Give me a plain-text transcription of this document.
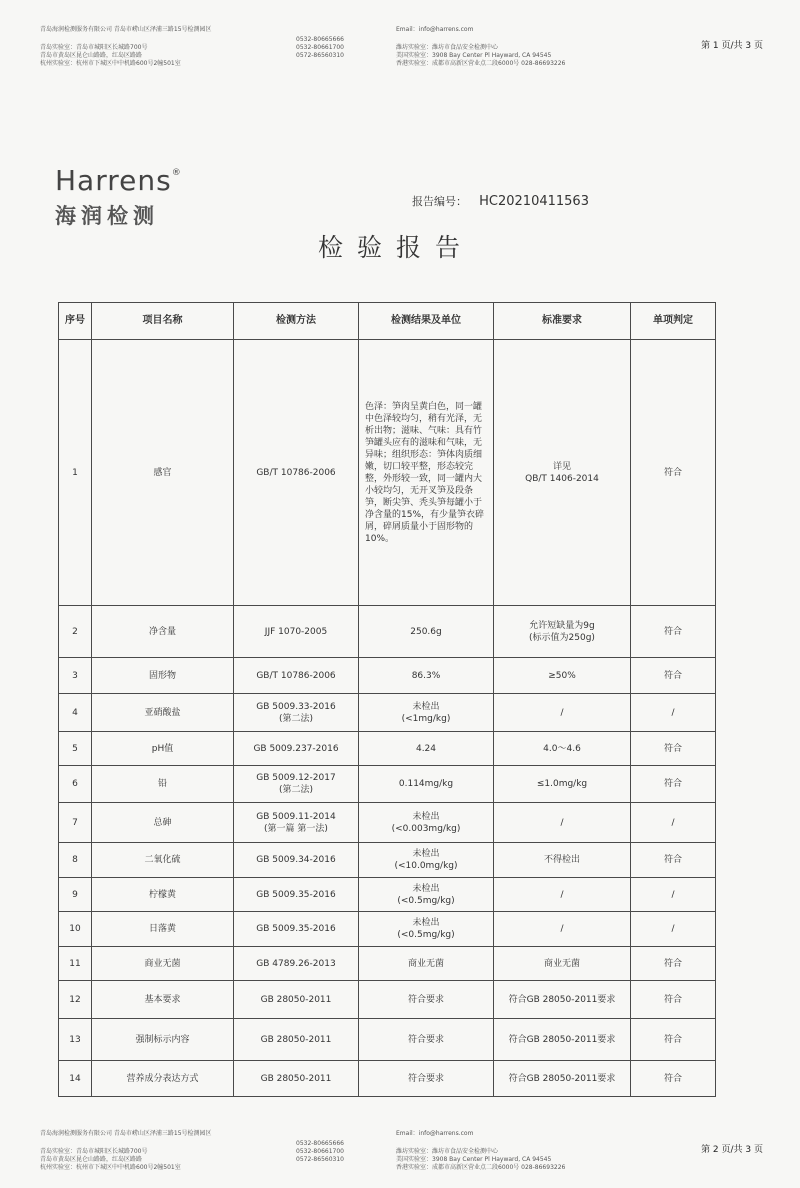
青岛海润检测服务有限公司 青岛市崂山区泽浦三路15号检测园区
青岛实验室：青岛市城阳区长城路700号
青岛市黄岛区昆仑山路路，红岛区路路
杭州实验室：杭州市下城区中中机路600号2幢501室
0532-80665666
0532-80661700
0572-86560310
Email：info@harrens.com
潍坊实验室：潍坊市食品安全检测中心
美国实验室：3908 Bay Center Pl Hayward, CA 94545
香港实验室：成都市高新区营业点二段6000号 028-86693226
第 1 页/共 3 页
Harrens®
海润检测
报告编号： HC20210411563
检验报告
序号	项目名称	检测方法	检测结果及单位	标准要求	单项判定
1	感官	GB/T 10786-2006	色泽：笋肉呈黄白色，同一罐中色泽较均匀，稍有光泽，无析出物；滋味、气味：具有竹笋罐头应有的滋味和气味，无异味；组织形态：笋体肉质细嫩，切口较平整，形态较完整，外形较一致，同一罐内大小较均匀，无开叉笋及段条笋，断尖笋、秃头笋每罐小于净含量的15%，有少量笋衣碎屑，碎屑质量小于固形物的10%。	详见
QB/T 1406-2014	符合
2	净含量	JJF 1070-2005	250.6g	允许短缺量为9g
(标示值为250g)	符合
3	固形物	GB/T 10786-2006	86.3%	≥50%	符合
4	亚硝酸盐	GB 5009.33-2016
(第二法)	未检出
(<1mg/kg)	/	/
5	pH值	GB 5009.237-2016	4.24	4.0～4.6	符合
6	铅	GB 5009.12-2017
(第二法)	0.114mg/kg	≤1.0mg/kg	符合
7	总砷	GB 5009.11-2014
(第一篇 第一法)	未检出
(<0.003mg/kg)	/	/
8	二氧化硫	GB 5009.34-2016	未检出
(<10.0mg/kg)	不得检出	符合
9	柠檬黄	GB 5009.35-2016	未检出
(<0.5mg/kg)	/	/
10	日落黄	GB 5009.35-2016	未检出
(<0.5mg/kg)	/	/
11	商业无菌	GB 4789.26-2013	商业无菌	商业无菌	符合
12	基本要求	GB 28050-2011	符合要求	符合GB 28050-2011要求	符合
13	强制标示内容	GB 28050-2011	符合要求	符合GB 28050-2011要求	符合
14	营养成分表达方式	GB 28050-2011	符合要求	符合GB 28050-2011要求	符合
青岛海润检测服务有限公司 青岛市崂山区泽浦三路15号检测园区
青岛实验室：青岛市城阳区长城路700号
青岛市黄岛区昆仑山路路，红岛区路路
杭州实验室：杭州市下城区中中机路600号2幢501室
0532-80665666
0532-80661700
0572-86560310
Email：info@harrens.com
潍坊实验室：潍坊市食品安全检测中心
美国实验室：3908 Bay Center Pl Hayward, CA 94545
香港实验室：成都市高新区营业点二段6000号 028-86693226
第 2 页/共 3 页
